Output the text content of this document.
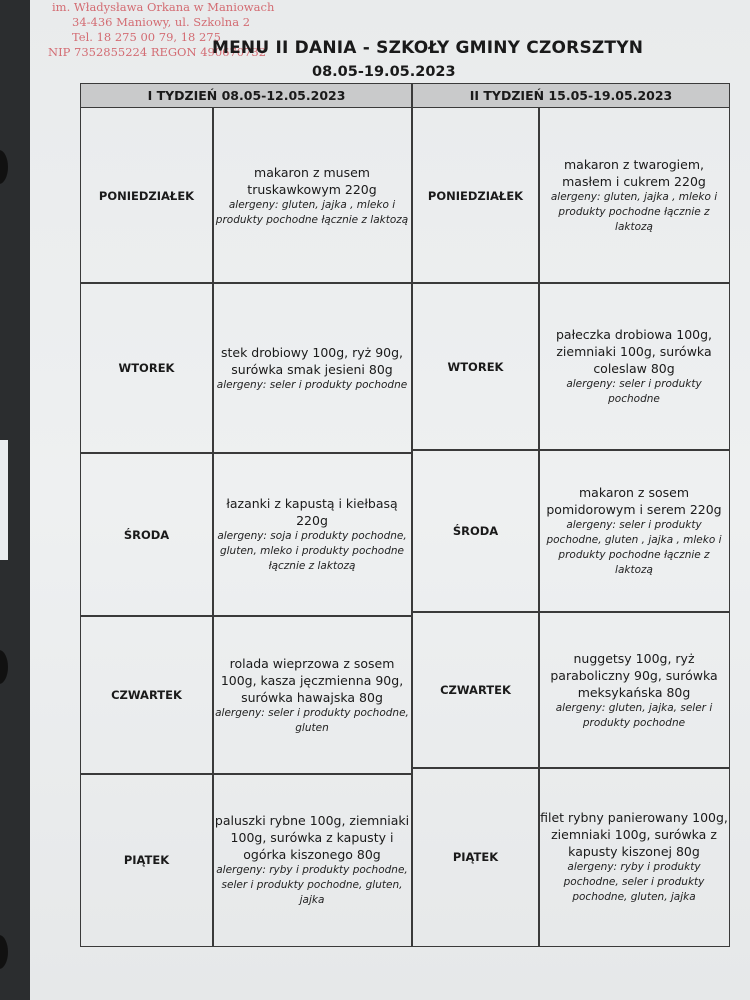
im. Władysława Orkana w Maniowach
34-436 Maniowy, ul. Szkolna 2
Tel. 18 275 00 79, 18 275
NIP 7352855224 REGON 490670732
MENU II DANIA - SZKOŁY GMINY CZORSZTYN
08.05-19.05.2023
I TYDZIEŃ 08.05-12.05.2023	II TYDZIEŃ 15.05-19.05.2023
PONIEDZIAŁEK
makaron z musem truskawkowym 220g
alergeny: gluten, jajka , mleko i produkty pochodne łącznie z laktozą
WTOREK
stek drobiowy 100g, ryż 90g, surówka smak jesieni 80g
alergeny: seler i produkty pochodne
ŚRODA
łazanki z kapustą i kiełbasą 220g
alergeny: soja i produkty pochodne, gluten, mleko i produkty pochodne łącznie z laktozą
CZWARTEK
rolada wieprzowa z sosem 100g, kasza jęczmienna 90g, surówka hawajska 80g
alergeny: seler i produkty pochodne, gluten
PIĄTEK
paluszki rybne 100g, ziemniaki 100g, surówka z kapusty i ogórka kiszonego 80g
alergeny: ryby i produkty pochodne, seler i produkty pochodne, gluten, jajka
PONIEDZIAŁEK
makaron z twarogiem, masłem i cukrem 220g
alergeny: gluten, jajka , mleko i produkty pochodne łącznie z laktozą
WTOREK
pałeczka drobiowa 100g, ziemniaki 100g, surówka coleslaw 80g
alergeny: seler i produkty pochodne
ŚRODA
makaron z sosem pomidorowym i serem 220g
alergeny: seler i produkty pochodne, gluten , jajka , mleko i produkty pochodne łącznie z laktozą
CZWARTEK
nuggetsy 100g, ryż paraboliczny 90g, surówka meksykańska 80g
alergeny: gluten, jajka, seler i produkty pochodne
PIĄTEK
filet rybny panierowany 100g, ziemniaki 100g, surówka z kapusty kiszonej 80g
alergeny: ryby i produkty pochodne, seler i produkty pochodne, gluten, jajka
